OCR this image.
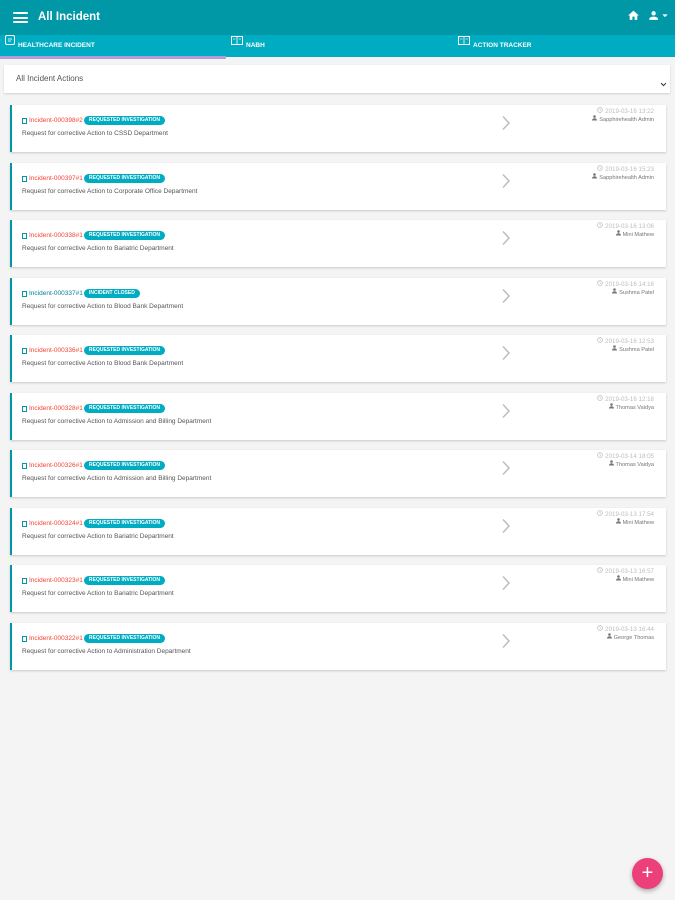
All Incident
HEALTHCARE INCIDENT	NABH	ACTION TRACKER
All Incident Actions
Incident-000398#2	REQUESTED INVESTIGATION
Request for corrective Action to CSSD Department
2019-03-16 13:22
Sapphirehealth Admin
Incident-000397#1	REQUESTED INVESTIGATION
Request for corrective Action to Corporate Office Department
2019-03-16 15:23
Sapphirehealth Admin
Incident-000338#1	REQUESTED INVESTIGATION
Request for corrective Action to Bariatric Department
2019-03-16 13:06
Mini Mathew
Incident-000337#1	INCIDENT CLOSED
Request for corrective Action to Blood Bank Department
2019-03-16 14:16
Sushma Patel
Incident-000336#1	REQUESTED INVESTIGATION
Request for corrective Action to Blood Bank Department
2019-03-16 12:53
Sushma Patel
Incident-000328#1	REQUESTED INVESTIGATION
Request for corrective Action to Admission and Billing Department
2019-03-16 12:18
Thomas Vaidya
Incident-000326#1	REQUESTED INVESTIGATION
Request for corrective Action to Admission and Billing Department
2019-03-14 18:05
Thomas Vaidya
Incident-000324#1	REQUESTED INVESTIGATION
Request for corrective Action to Bariatric Department
2019-03-13 17:54
Mini Mathew
Incident-000323#1	REQUESTED INVESTIGATION
Request for corrective Action to Bariatric Department
2019-03-13 16:57
Mini Mathew
Incident-000322#1	REQUESTED INVESTIGATION
Request for corrective Action to Administration Department
2019-03-13 16:44
George Thomas
+
